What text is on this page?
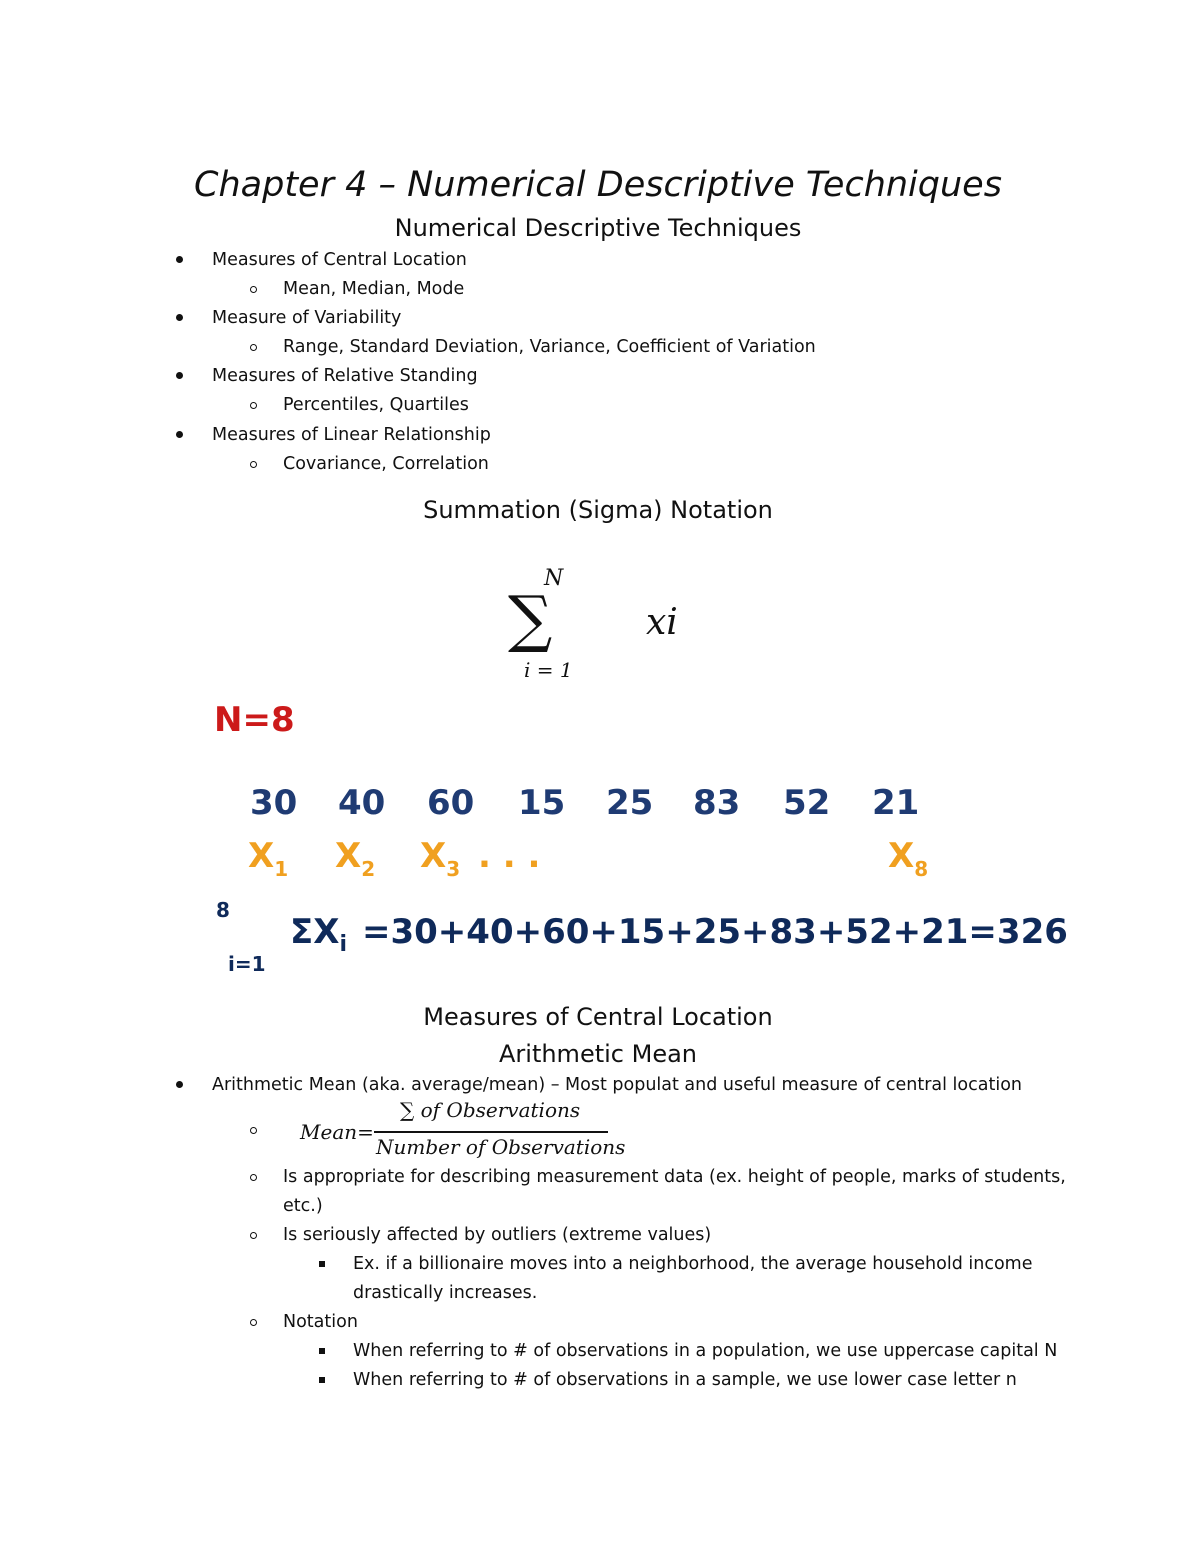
Chapter 4 – Numerical Descriptive Techniques
Numerical Descriptive Techniques
Measures of Central Location
Mean, Median, Mode
Measure of Variability
Range, Standard Deviation, Variance, Coefficient of Variation
Measures of Relative Standing
Percentiles, Quartiles
Measures of Linear Relationship
Covariance, Correlation
Summation (Sigma) Notation
∑
N
i = 1
xi
N=8
30 40 60 15 25 83 52 21
$X_1$ $X_2$ $X_3$ . . .	$X_8$
8
i=1
$\Sigma X_i =30+40+60+15+25+83+52+21=326$
Measures of Central Location
Arithmetic Mean
Arithmetic Mean (aka. average/mean) – Most populat and useful measure of central location
Mean=
∑ of Observations
Number of Observations
Is appropriate for describing measurement data (ex. height of people, marks of students,
etc.)
Is seriously affected by outliers (extreme values)
Ex. if a billionaire moves into a neighborhood, the average household income
drastically increases.
Notation
When referring to # of observations in a population, we use uppercase capital N
When referring to # of observations in a sample, we use lower case letter n
